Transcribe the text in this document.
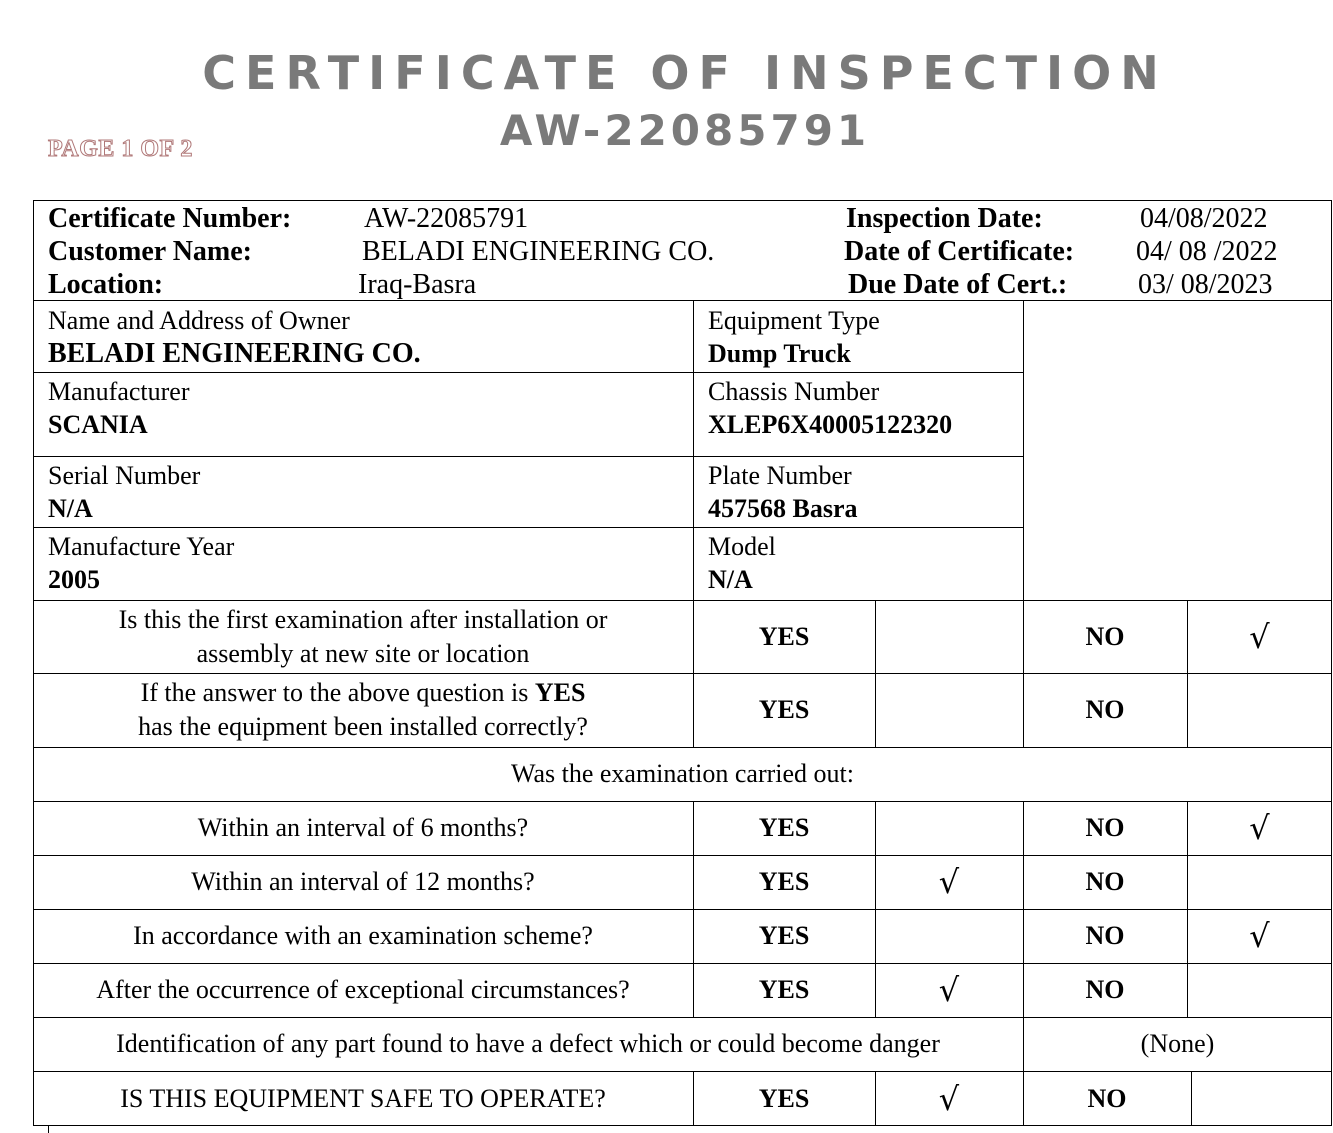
CERTIFICATE OF INSPECTION
AW-22085791
PAGE 1 OF 2
Certificate Number:	AW-22085791
Customer Name:	BELADI ENGINEERING CO.
Location:	Iraq-Basra
Inspection Date:	04/08/2022
Date of Certificate: 04/ 08 /2022
Due Date of Cert.:	03/ 08/2023
Name and Address of Owner
BELADI ENGINEERING CO.
Equipment Type
Dump Truck
Manufacturer
SCANIA
Chassis Number
XLEP6X40005122320
Serial Number
N/A
Plate Number
457568 Basra
Manufacture Year
2005
Model
N/A
Is this the first examination after installation or
assembly at new site or location
YES	NO	√
If the answer to the above question is YES
has the equipment been installed correctly?
YES	NO
Was the examination carried out:
Within an interval of 6 months?	YES	NO	√
Within an interval of 12 months?	YES	√	NO
In accordance with an examination scheme?	YES	NO	√
After the occurrence of exceptional circumstances?	YES	√	NO
Identification of any part found to have a defect which or could become danger	(None)
IS THIS EQUIPMENT SAFE TO OPERATE?	YES	√	NO
